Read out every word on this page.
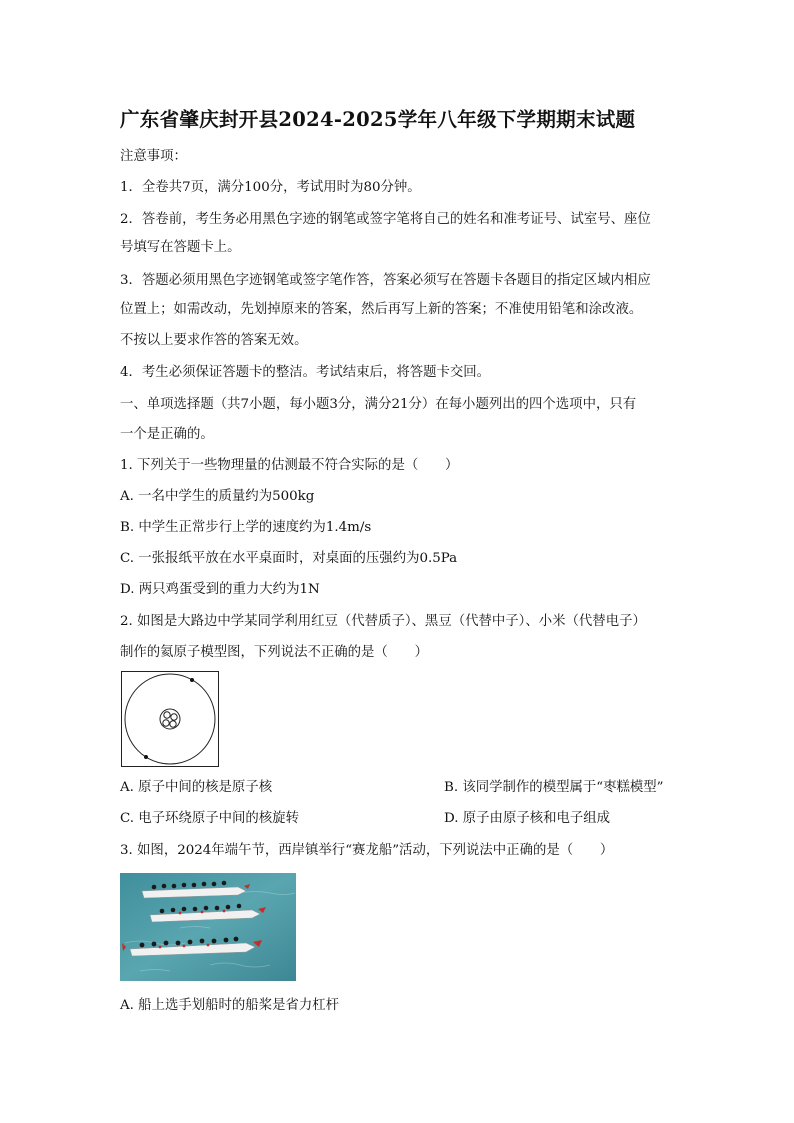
广东省肇庆封开县2024-2025学年八年级下学期期末试题
注意事项：
1．全卷共7页，满分100分，考试用时为80分钟。
2．答卷前，考生务必用黑色字迹的钢笔或签字笔将自己的姓名和准考证号、试室号、座位
号填写在答题卡上。
3．答题必须用黑色字迹钢笔或签字笔作答，答案必须写在答题卡各题目的指定区域内相应
位置上；如需改动，先划掉原来的答案，然后再写上新的答案；不准使用铅笔和涂改液。
不按以上要求作答的答案无效。
4．考生必须保证答题卡的整洁。考试结束后，将答题卡交回。
一、单项选择题（共7小题，每小题3分，满分21分）在每小题列出的四个选项中，只有
一个是正确的。
1. 下列关于一些物理量的估测最不符合实际的是（　　）
A. 一名中学生的质量约为500kg
B. 中学生正常步行上学的速度约为1.4m/s
C. 一张报纸平放在水平桌面时，对桌面的压强约为0.5Pa
D. 两只鸡蛋受到的重力大约为1N
2. 如图是大路边中学某同学利用红豆（代替质子）、黑豆（代替中子）、小米（代替电子）
制作的氦原子模型图，下列说法不正确的是（　　）
A. 原子中间的核是原子核	B. 该同学制作的模型属于“枣糕模型”
C. 电子环绕原子中间的核旋转	D. 原子由原子核和电子组成
3. 如图，2024年端午节，西岸镇举行“赛龙船”活动，下列说法中正确的是（　　）
A. 船上选手划船时的船桨是省力杠杆
